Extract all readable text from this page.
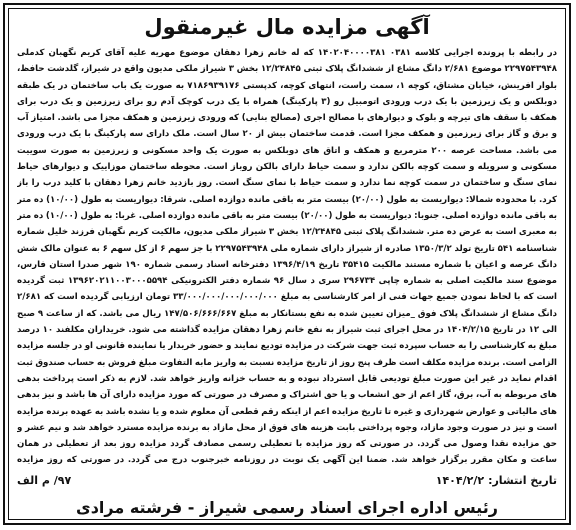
آگهی مزایده مال غیرمنقول

در رابطه با پرونده اجرایی کلاسه ۰۳۸۱ ۱۴۰۲۰۴۰۰۰۰۳۸۱ که له خانم زهرا دهقان موضوع مهریه علیه آقای کریم نگهبان کدملی ۲۲۹۷۵۴۳۹۴۸ موضوع ۲/۶۸۱ دانگ مشاع از ششدانگ پلاک ثبتی ۱۲/۲۴۸۴۵ بخش ۳ شیراز ملکی مدیون واقع در شیراز، گلدشت حافظ، بلوار افرینش، خیابان مشتاق، کوچه ۱، سمت راست، انتهای کوچه، کدپستی ۷۱۸۶۹۳۹۱۷۶ به صورت یک باب ساختمان در یک طبقه دوبلکس و یک زیرزمین با یک درب ورودی اتومبیل رو (۳ پارکینگ) همراه با یک درب کوچک آدم رو برای زیرزمین و یک درب برای همکف با سقف های تیرچه و بلوک و دیوارهای با مصالح اجری (مصالح بنایی) که ورودی زیرزمین و همکف مجزا می باشد. امتیاز آب و برق و گاز برای زیرزمین و همکف مجزا است. قدمت ساختمان بیش از ۲۰ سال است. ملک دارای سه پارکینگ با یک درب ورودی می باشد. مساحت عرصه ۲۰۰ مترمربع و همکف و اتاق های دوبلکس به صورت یک واحد مسکونی و زیرزمین به صورت سوییت مسکونی و سرویله و سمت کوچه بالکن ندارد و سمت حیاط دارای بالکن روباز است. محوطه ساختمان موزاییک و دیوارهای حیاط نمای سنگ و ساختمان در سمت کوچه نما ندارد و سمت حیاط با نمای سنگ است. روز بازدید خانم زهرا دهقان با کلید درب را باز کرد. با محدوده شمالا: دیواریست به طول (۲۰/۰۰) بیست متر به باقی مانده دوازده اصلی. شرقا: دیواریست به طول (۱۰/۰۰) ده متر به باقی مانده دوازده اصلی. جنوبا: دیواریست به طول (۲۰/۰۰) بیست متر به باقی مانده دوازده اصلی. غربا: به طول (۱۰/۰۰) ده متر به معبری است به عرض ده متر. ششدانگ پلاک ثبتی ۱۲/۲۴۸۴۵ بخش ۳ شیراز ملکی مدیون، مالکیت کریم نگهبان فرزند خلیل شماره شناسنامه ۵۴۱ تاریخ تولد ۱۳۵۰/۳/۲ صادره از شیراز دارای شماره ملی ۲۲۹۷۵۴۳۹۴۸ با جز سهم ۶ از کل سهم ۶ به عنوان مالک شش دانگ عرصه و اعیان با شماره مستند مالکیت ۳۵۴۱۵ تاریخ ۱۳۹۶/۴/۱۹ دفترخانه اسناد رسمی شماره ۱۹۰ شهر صدرا استان فارس، موضوع سند مالکیت اصلی به شماره چاپی ۲۹۶۷۳۴ سری د سال ۹۶ شماره دفتر الکترونیکی ۱۳۹۶۲۰۲۱۱۰۰۳۰۰۰۵۵۹۴ ثبت گردیده است که با لحاظ نمودن جمیع جهات فنی از امر کارشناسی به مبلغ ۳۳/۰۰۰/۰۰۰/۰۰۰/۰۰۰/۰۰۰ تومان ارزیابی گردیده است که ۲/۶۸۱ دانگ مشاع از ششدانگ پلاک فوق _میزان تعیین شده به نفع بستانکار به مبلغ ۱۴۷/۵۰۶/۶۶۶/۶۶۷ ریال می باشد. که از ساعت ۹ صبح الی ۱۲ در تاریخ ۱۴۰۴/۲/۱۵ در محل اجرای ثبت شیراز به نفع خانم زهرا دهقان مزایده گذاشته می شود. خریداران مکلفند ۱۰ درصد مبلغ به کارشناسی را به حساب سپرده ثبت جهت شرکت در مزایده تودیع نمایند و حضور خریدار یا نماینده قانونی او در جلسه مزایده الزامی است. برنده مزایده مکلف است ظرف پنج روز از تاریخ مزایده نسبت به واریز مابه التفاوت مبلغ فروش به حساب صندوق ثبت اقدام نماید در غیر این صورت مبلغ تودیعی قابل استرداد نبوده و به حساب خزانه واریز خواهد شد. لازم به ذکر است پرداخت بدهی های مربوطه به آب، برق، گاز اعم از حق انشعاب و یا حق اشتراک و مصرف در صورتی که مورد مزایده دارای آن ها باشد و نیز بدهی های مالیاتی و عوارض شهرداری و غیره تا تاریخ مزایده اعم از اینکه رقم قطعی آن معلوم شده و یا نشده باشد به عهده برنده مزایده است و نیز در صورت وجود مازاد، وجوه پرداختی بابت هزینه های فوق از محل مازاد به برنده مزایده مسترد خواهد شد و نیم عشر و حق مزایده نقدا وصول می گردد. در صورتی که روز مزایده با تعطیلی رسمی مصادف گردد مزایده روز بعد از تعطیلی در همان ساعت و مکان مقرر برگزار خواهد شد. ضمنا این آگهی یک نوبت در روزنامه خبرجنوب درج می گردد. در صورتی که روز مزایده

تاریخ انتشار:۱۴۰۴/۲/۲
۹۷/ م الف
رئیس اداره اجرای اسناد رسمی شیراز - فرشته مرادی
